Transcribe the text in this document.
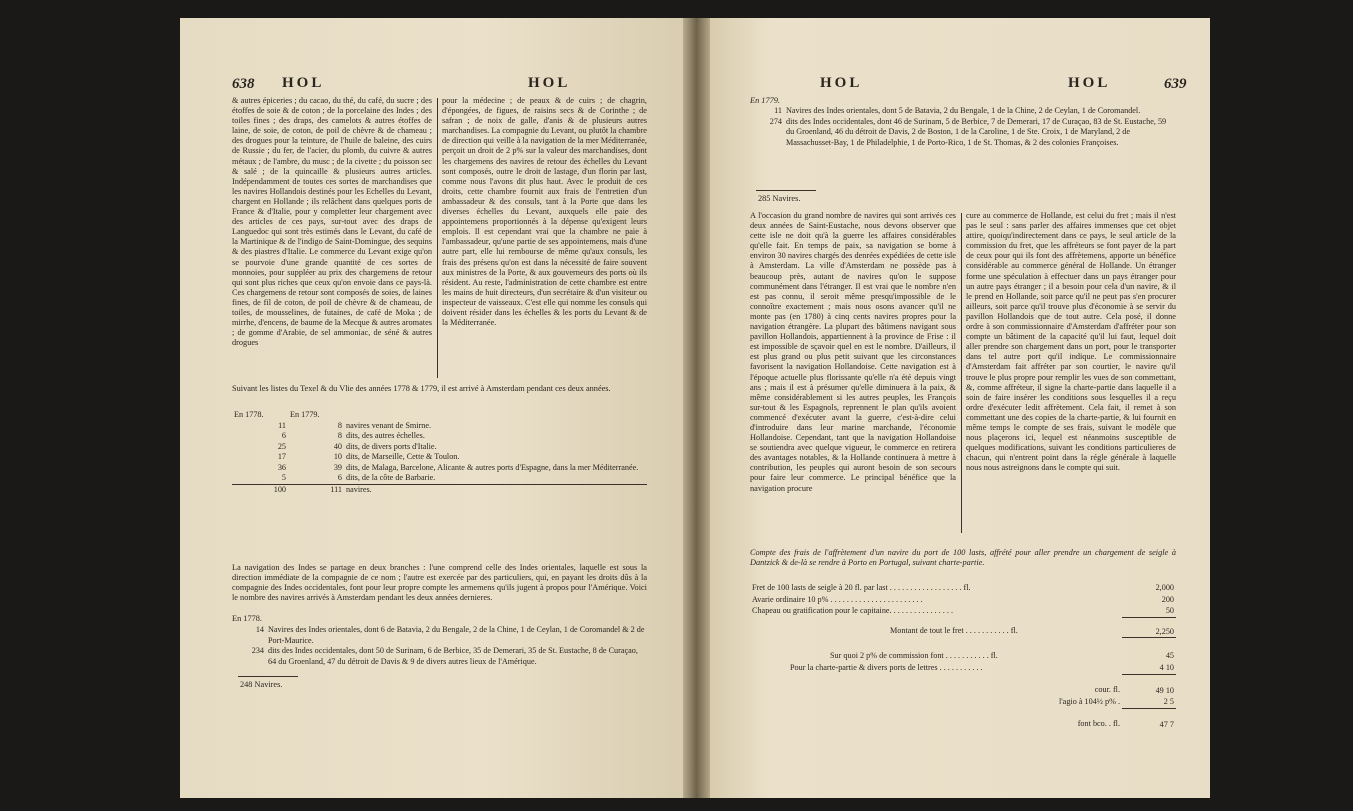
638 HOL	HOL
& autres épiceries ; du cacao, du thé, du café, du sucre ; des étoffes de soie & de coton ; de la porcelaine des Indes ; des toiles fines ; des draps, des camelots & autres étoffes de laine, de soie, de coton, de poil de chèvre & de chameau ; des drogues pour la teinture, de l'huile de baleine, des cuirs de Russie ; du fer, de l'acier, du plomb, du cuivre & autres métaux ; de l'ambre, du musc ; de la civette ; du poisson sec & salé ; de la quincaille & plusieurs autres articles. Indépendamment de toutes ces sortes de marchandises que les navires Hollandois destinés pour les Echelles du Levant, chargent en Hollande ; ils relâchent dans quelques ports de France & d'Italie, pour y completter leur chargement avec des articles de ces pays, sur-tout avec des draps de Languedoc qui sont très estimés dans le Levant, du café de la Martinique & de l'indigo de Saint-Domingue, des sequins & des piastres d'Italie. Le commerce du Levant exige qu'on se pourvoie d'une grande quantité de ces sortes de monnoies, pour suppléer au prix des chargemens de retour qui sont plus riches que ceux qu'on envoie dans ce pays-là. Ces chargemens de retour sont composés de soies, de laines fines, de fil de coton, de poil de chèvre & de chameau, de toiles, de mousselines, de futaines, de café de Moka ; de mirrhe, d'encens, de baume de la Mecque & autres aromates ; de gomme d'Arabie, de sel ammoniac, de séné & autres drogues
pour la médecine ; de peaux & de cuirs ; de chagrin, d'épongées, de figues, de raisins secs & de Corinthe ; de safran ; de noix de galle, d'anis & de plusieurs autres marchandises. La compagnie du Levant, ou plutôt la chambre de direction qui veille à la navigation de la mer Méditerranée, perçoit un droit de 2 p% sur la valeur des marchandises, dont les chargemens des navires de retour des échelles du Levant sont composés, outre le droit de lastage, d'un florin par last, comme nous l'avons dit plus haut. Avec le produit de ces droits, cette chambre fournit aux frais de l'entretien d'un ambassadeur & des consuls, tant à la Porte que dans les diverses échelles du Levant, auxquels elle paie des appointemens proportionnés à la dépense qu'exigent leurs emplois. Il est cependant vrai que la chambre ne paie à l'ambassadeur, qu'une partie de ses appointemens, mais d'une autre part, elle lui rembourse de même qu'aux consuls, les frais des présens qu'on est dans la nécessité de faire souvent aux ministres de la Porte, & aux gouverneurs des ports où ils résident. Au reste, l'administration de cette chambre est entre les mains de huit directeurs, d'un secrétaire & d'un visiteur ou inspecteur de vaisseaux. C'est elle qui nomme les consuls qui doivent résider dans les échelles & les ports du Levant & de la Méditerranée.
Suivant les listes du Texel & du Vlie des années 1778 & 1779, il est arrivé à Amsterdam pendant ces deux années.
En 1778.	En 1779.	
11	8	navires venant de Smirne.
6	8	dits, des autres échelles.
25	40	dits, de divers ports d'Italie.
17	10	dits, de Marseille, Cette & Toulon.
36	39	dits, de Malaga, Barcelone, Alicante & autres ports d'Espagne, dans la mer Méditerranée.
5	6	dits, de la côte de Barbarie.
100	111	navires.
La navigation des Indes se partage en deux branches : l'une comprend celle des Indes orientales, laquelle est sous la direction immédiate de la compagnie de ce nom ; l'autre est exercée par des particuliers, qui, en payant les droits dûs à la compagnie des Indes occidentales, font pour leur propre compte les armemens qu'ils jugent à propos pour l'Amérique. Voici le nombre des navires arrivés à Amsterdam pendant les deux années dernieres.
En 1778.
14	Navires des Indes orientales, dont 6 de Batavia, 2 du Bengale, 2 de la Chine, 1 de Ceylan, 1 de Coromandel & 2 de Port-Maurice.
234	dits des Indes occidentales, dont 50 de Surinam, 6 de Berbice, 35 de Demerari, 35 de St. Eustache, 8 de Curaçao, 64 du Groenland, 47 du détroit de Davis & 9 de divers autres lieux de l'Amérique.
248 Navires.
HOL	HOL	639
En 1779.
11	Navires des Indes orientales, dont 5 de Batavia, 2 du Bengale, 1 de la Chine, 2 de Ceylan, 1 de Coromandel.
274	dits des Indes occidentales, dont 46 de Surinam, 5 de Berbice, 7 de Demerari, 17 de Curaçao, 83 de St. Eustache, 59 du Groenland, 46 du détroit de Davis, 2 de Boston, 1 de la Caroline, 1 de Ste. Croix, 1 de Maryland, 2 de Massachusset-Bay, 1 de Philadelphie, 1 de Porto-Rico, 1 de St. Thomas, & 2 des colonies Françoises.
285 Navires.
A l'occasion du grand nombre de navires qui sont arrivés ces deux années de Saint-Eustache, nous devons observer que cette isle ne doit qu'à la guerre les affaires considérables qu'elle fait. En temps de paix, sa navigation se borne à environ 30 navires chargés des denrées expédiées de cette isle à Amsterdam. La ville d'Amsterdam ne possède pas à beaucoup près, autant de navires qu'on le suppose communément dans l'étranger. Il est vrai que le nombre n'en est pas connu, il seroit même presqu'impossible de le connoître exactement ; mais nous osons avancer qu'il ne monte pas (en 1780) à cinq cents navires propres pour la navigation étrangère. La plupart des bâtimens navigant sous pavillon Hollandois, appartiennent à la province de Frise : il est impossible de sçavoir quel en est le nombre. D'ailleurs, il est plus grand ou plus petit suivant que les circonstances favorisent la navigation Hollandoise. Cette navigation est à l'époque actuelle plus florissante qu'elle n'a été depuis vingt ans ; mais il est à présumer qu'elle diminuera à la paix, & même considérablement si les autres peuples, les François sur-tout & les Espagnols, reprennent le plan qu'ils avoient commencé d'exécuter avant la guerre, c'est-à-dire celui d'introduire dans leur marine marchande, l'économie Hollandoise. Cependant, tant que la navigation Hollandoise se soutiendra avec quelque vigueur, le commerce en retirera des avantages notables, & la Hollande continuera à mettre à contribution, les peuples qui auront besoin de son secours pour faire leur commerce. Le principal bénéfice que la navigation procure
cure au commerce de Hollande, est celui du fret ; mais il n'est pas le seul : sans parler des affaires immenses que cet objet attire, quoiqu'indirectement dans ce pays, le seul article de la commission du fret, que les affréteurs se font payer de la part de ceux pour qui ils font des affrètemens, apporte un bénéfice considérable au commerce général de Hollande. Un étranger forme une spéculation à effectuer dans un pays étranger pour un autre pays étranger ; il a besoin pour cela d'un navire, & il le prend en Hollande, soit parce qu'il ne peut pas s'en procurer ailleurs, soit parce qu'il trouve plus d'économie à se servir du pavillon Hollandois que de tout autre. Cela posé, il donne ordre à son commissionnaire d'Amsterdam d'affréter pour son compte un bâtiment de la capacité qu'il lui faut, lequel doit aller prendre son chargement dans un port, pour le transporter dans tel autre port qu'il indique. Le commissionnaire d'Amsterdam fait affréter par son courtier, le navire qu'il trouve le plus propre pour remplir les vues de son commettant, &, comme affréteur, il signe la charte-partie dans laquelle il a soin de faire insérer les conditions sous lesquelles il a reçu ordre d'exécuter ledit affrètement. Cela fait, il remet à son commettant une des copies de la charte-partie, & lui fournit en même temps le compte de ses frais, suivant le modèle que nous plaçerons ici, lequel est néanmoins susceptible de quelques modifications, suivant les conditions particulieres de chacun, qui n'entrent point dans la régle générale à laquelle nous nous astreignons dans le compte qui suit.
Compte des frais de l'affrètement d'un navire du port de 100 lasts, affrété pour aller prendre un chargement de seigle à Dantzick & de-là se rendre à Porto en Portugal, suivant charte-partie.
Fret de 100 lasts de seigle à 20 fl. par last . . . . . . . . . . . . . . . . . . fl.	2,000
Avarie ordinaire 10 p% . . . . . . . . . . . . . . . . . . . . . . .	200
Chapeau ou gratification pour le capitaine. . . . . . . . . . . . . . . .	50
Montant de tout le fret . . . . . . . . . . . fl.	2,250
Sur quoi 2 p% de commission font . . . . . . . . . . . fl.	45
Pour la charte-partie & divers ports de lettres . . . . . . . . . . .	4 10
cour. fl.	49 10
l'agio à 104½ p% .	2 5
font bco. . fl.	47 7
